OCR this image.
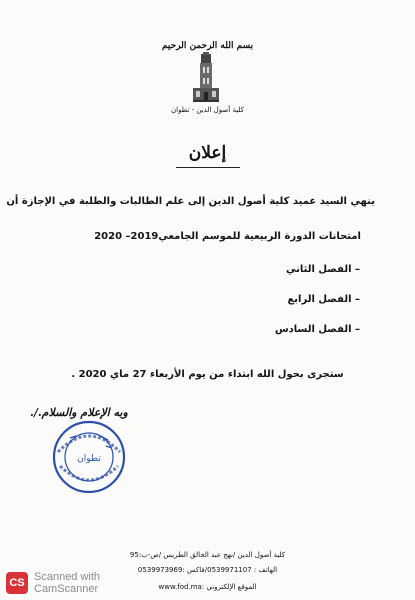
بسم الله الرحمن الرحيم
كلية أصول الدين - تطوان
إعلان
ينهي السيد عميد كلية أصول الدين إلى علم الطالبات والطلبة في الإجازة أن
امتحانات الدورة الربيعية للموسم الجامعي2019– 2020
– الفصل الثاني
– الفصل الرابع
– الفصل السادس
ستجرى بحول الله ابتداء من يوم الأربعاء 27 ماي 2020 .
وبه الإعلام والسلام./.
تطوان
كلية أصول الدين /نهج عبد الخالق الطريس /ص-ب:95
الهاتف : 0539971107/فاكس :0539973969
www.fod.ma: الموقع الإلكتروني
CS Scanned with
CamScanner
